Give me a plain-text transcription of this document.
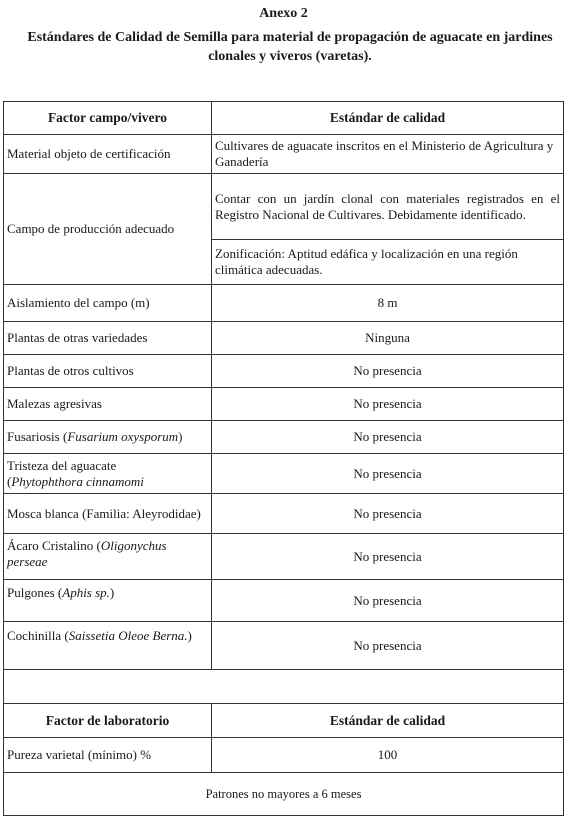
Anexo 2
Estándares de Calidad de Semilla para material de propagación de aguacate en jardines clonales y viveros (varetas).
Factor campo/vivero	Estándar de calidad
Material objeto de certificación	Cultivares de aguacate inscritos en el Ministerio de Agricultura y Ganadería
Campo de producción adecuado	Contar con un jardín clonal con materiales registrados en el Registro Nacional de Cultivares. Debidamente identificado.
	Zonificación: Aptitud edáfica y localización en una región climática adecuadas.
Aislamiento del campo (m)	8 m
Plantas de otras variedades	Ninguna
Plantas de otros cultivos	No presencia
Malezas agresivas	No presencia
Fusariosis (Fusarium oxysporum)	No presencia
Tristeza del aguacate
(Phytophthora cinnamomi	No presencia
Mosca blanca (Familia: Aleyrodidae)	No presencia
Ácaro Cristalino (Oligonychus perseae	No presencia
Pulgones (Aphis sp.)	No presencia
Cochinilla (Saissetia Oleoe Berna.)	No presencia

Factor de laboratorio	Estándar de calidad
Pureza varietal (mínimo) %	100
Patrones no mayores a 6 meses	
